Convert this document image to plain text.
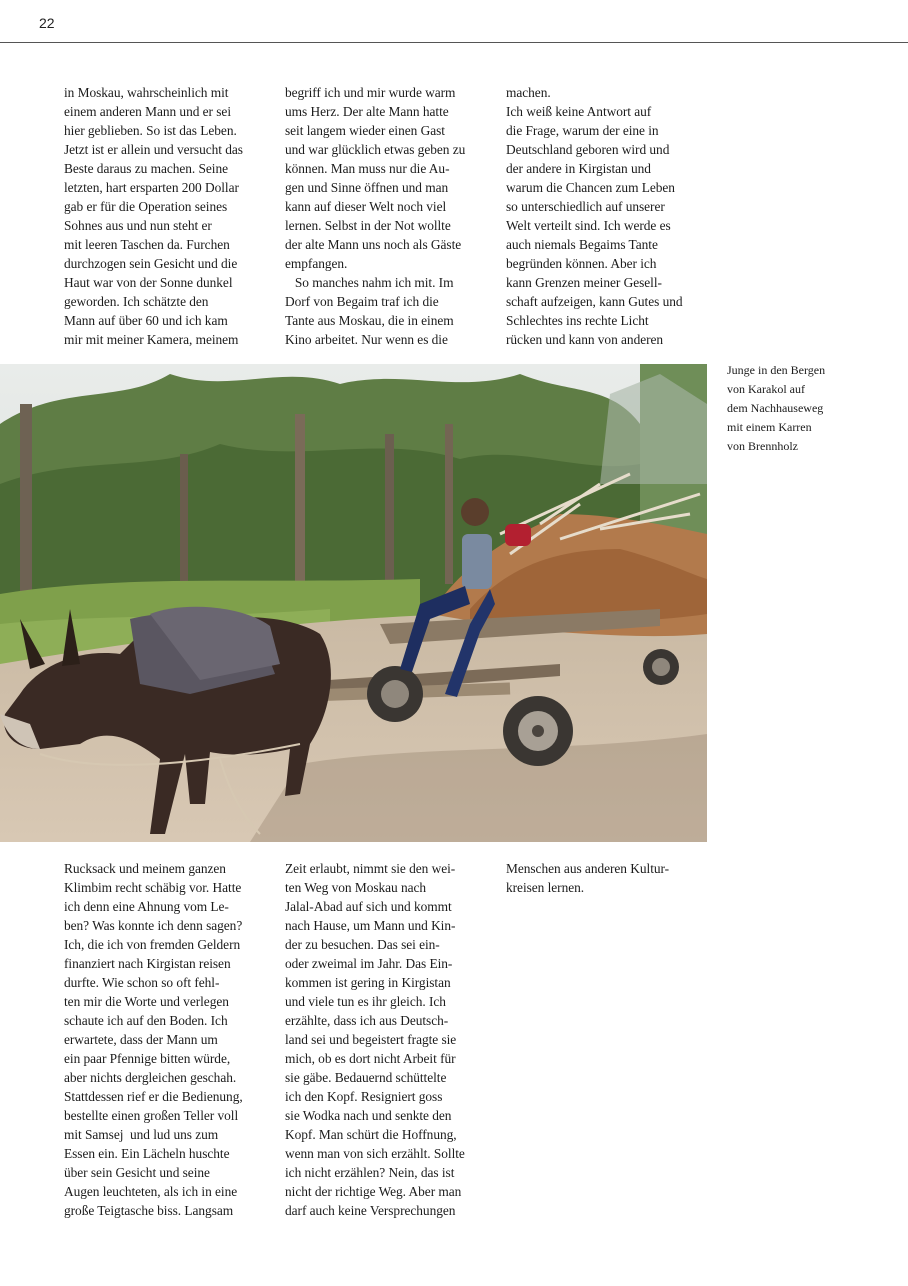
22

in Moskau, wahrscheinlich mit
einem anderen Mann und er sei
hier geblieben. So ist das Leben.
Jetzt ist er allein und versucht das
Beste daraus zu machen. Seine
letzten, hart ersparten 200 Dollar
gab er für die Operation seines
Sohnes aus und nun steht er
mit leeren Taschen da. Furchen
durchzogen sein Gesicht und die
Haut war von der Sonne dunkel
geworden. Ich schätzte den
Mann auf über 60 und ich kam
mir mit meiner Kamera, meinem

begriff ich und mir wurde warm
ums Herz. Der alte Mann hatte
seit langem wieder einen Gast
und war glücklich etwas geben zu
können. Man muss nur die Au-
gen und Sinne öffnen und man
kann auf dieser Welt noch viel
lernen. Selbst in der Not wollte
der alte Mann uns noch als Gäste
empfangen.
So manches nahm ich mit. Im
Dorf von Begaim traf ich die
Tante aus Moskau, die in einem
Kino arbeitet. Nur wenn es die

machen.
Ich weiß keine Antwort auf
die Frage, warum der eine in
Deutschland geboren wird und
der andere in Kirgistan und
warum die Chancen zum Leben
so unterschiedlich auf unserer
Welt verteilt sind. Ich werde es
auch niemals Begaims Tante
begründen können. Aber ich
kann Grenzen meiner Gesell-
schaft aufzeigen, kann Gutes und
Schlechtes ins rechte Licht
rücken und kann von anderen

Junge in den Bergen
von Karakol auf
dem Nachhauseweg
mit einem Karren
von Brennholz

Rucksack und meinem ganzen
Klimbim recht schäbig vor. Hatte
ich denn eine Ahnung vom Le-
ben? Was konnte ich denn sagen?
Ich, die ich von fremden Geldern
finanziert nach Kirgistan reisen
durfte. Wie schon so oft fehl-
ten mir die Worte und verlegen
schaute ich auf den Boden. Ich
erwartete, dass der Mann um
ein paar Pfennige bitten würde,
aber nichts dergleichen geschah.
Stattdessen rief er die Bedienung,
bestellte einen großen Teller voll
mit Samsej  und lud uns zum
Essen ein. Ein Lächeln huschte
über sein Gesicht und seine
Augen leuchteten, als ich in eine
große Teigtasche biss. Langsam

Zeit erlaubt, nimmt sie den wei-
ten Weg von Moskau nach
Jalal-Abad auf sich und kommt
nach Hause, um Mann und Kin-
der zu besuchen. Das sei ein-
oder zweimal im Jahr. Das Ein-
kommen ist gering in Kirgistan
und viele tun es ihr gleich. Ich
erzählte, dass ich aus Deutsch-
land sei und begeistert fragte sie
mich, ob es dort nicht Arbeit für
sie gäbe. Bedauernd schüttelte
ich den Kopf. Resigniert goss
sie Wodka nach und senkte den
Kopf. Man schürt die Hoffnung,
wenn man von sich erzählt. Sollte
ich nicht erzählen? Nein, das ist
nicht der richtige Weg. Aber man
darf auch keine Versprechungen

Menschen aus anderen Kultur-
kreisen lernen.
